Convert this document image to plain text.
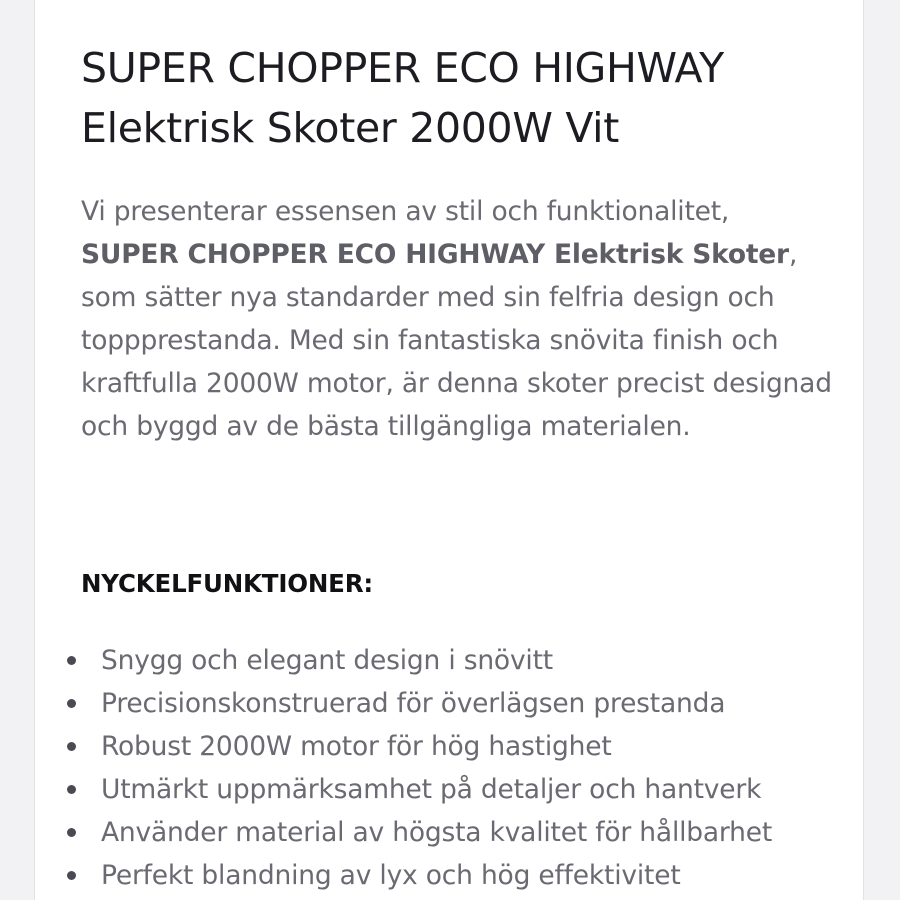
SUPER CHOPPER ECO HIGHWAY
Elektrisk Skoter 2000W Vit

Vi presenterar essensen av stil och funktionalitet,
SUPER CHOPPER ECO HIGHWAY Elektrisk Skoter, som sätter nya standarder med sin felfria design och toppprestanda. Med sin fantastiska snövita finish och kraftfulla 2000W motor, är denna skoter precist designad och byggd av de bästa tillgängliga materialen.

NYCKELFUNKTIONER:
Snygg och elegant design i snövitt
Precisionskonstruerad för överlägsen prestanda
Robust 2000W motor för hög hastighet
Utmärkt uppmärksamhet på detaljer och hantverk
Använder material av högsta kvalitet för hållbarhet
Perfekt blandning av lyx och hög effektivitet
